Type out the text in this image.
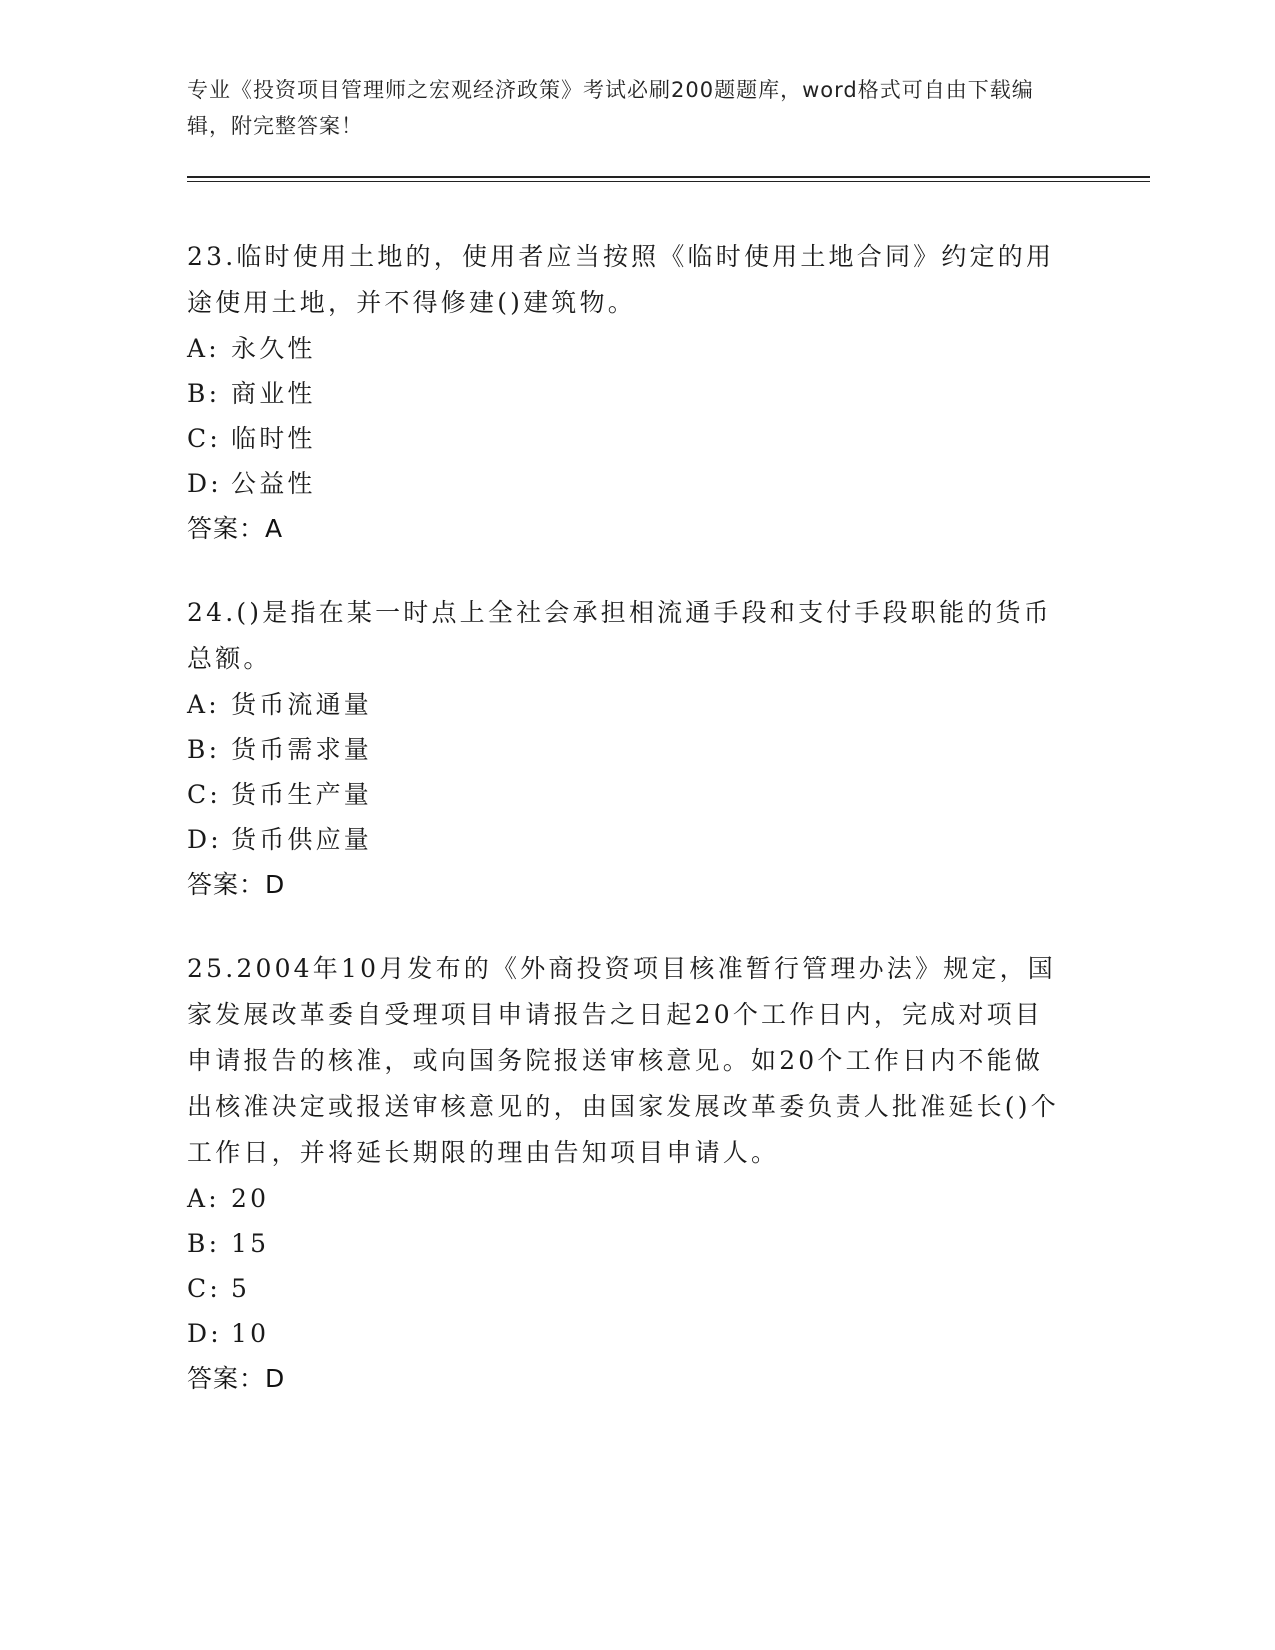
专业《投资项目管理师之宏观经济政策》考试必刷200题题库，word格式可自由下载编辑，附完整答案！

23.临时使用土地的，使用者应当按照《临时使用土地合同》约定的用途使用土地，并不得修建()建筑物。

A: 永久性
B: 商业性
C: 临时性
D: 公益性

答案：A

24.()是指在某一时点上全社会承担相流通手段和支付手段职能的货币总额。

A: 货币流通量
B: 货币需求量
C: 货币生产量
D: 货币供应量

答案：D

25.2004年10月发布的《外商投资项目核准暂行管理办法》规定，国家发展改革委自受理项目申请报告之日起20个工作日内，完成对项目申请报告的核准，或向国务院报送审核意见。如20个工作日内不能做出核准决定或报送审核意见的，由国家发展改革委负责人批准延长()个工作日，并将延长期限的理由告知项目申请人。

A: 20
B: 15
C: 5
D: 10

答案：D
